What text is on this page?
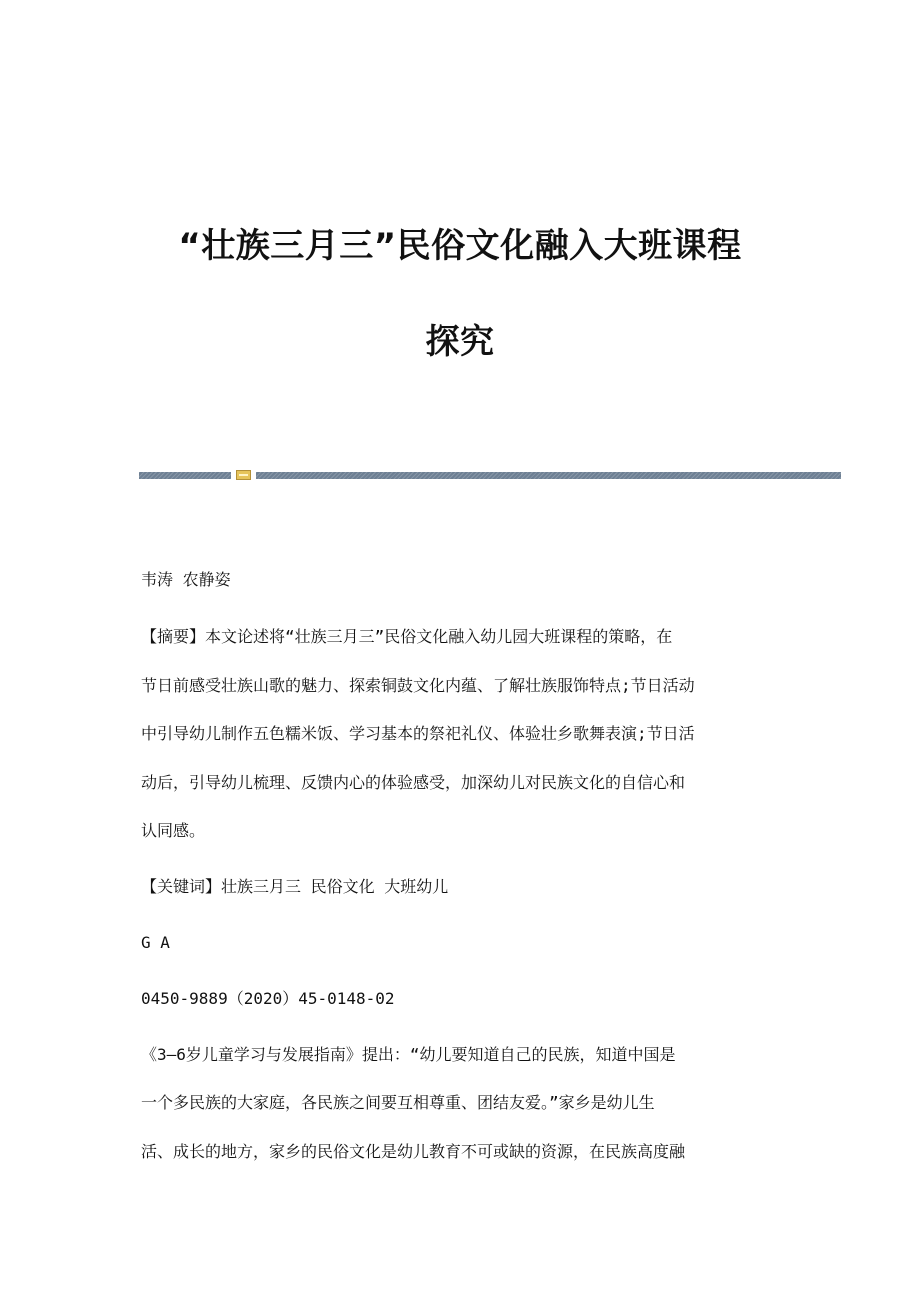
“壮族三月三”民俗文化融入大班课程
探究
韦涛 农静姿
【摘要】本文论述将“壮族三月三”民俗文化融入幼儿园大班课程的策略，在
节日前感受壮族山歌的魅力、探索铜鼓文化内蕴、了解壮族服饰特点;节日活动
中引导幼儿制作五色糯米饭、学习基本的祭祀礼仪、体验壮乡歌舞表演;节日活
动后，引导幼儿梳理、反馈内心的体验感受，加深幼儿对民族文化的自信心和
认同感。
【关键词】壮族三月三 民俗文化 大班幼儿
G A
0450-9889（2020）45-0148-02
《3—6岁儿童学习与发展指南》提出：“幼儿要知道自己的民族，知道中国是
一个多民族的大家庭，各民族之间要互相尊重、团结友爱。”家乡是幼儿生
活、成长的地方，家乡的民俗文化是幼儿教育不可或缺的资源，在民族高度融
